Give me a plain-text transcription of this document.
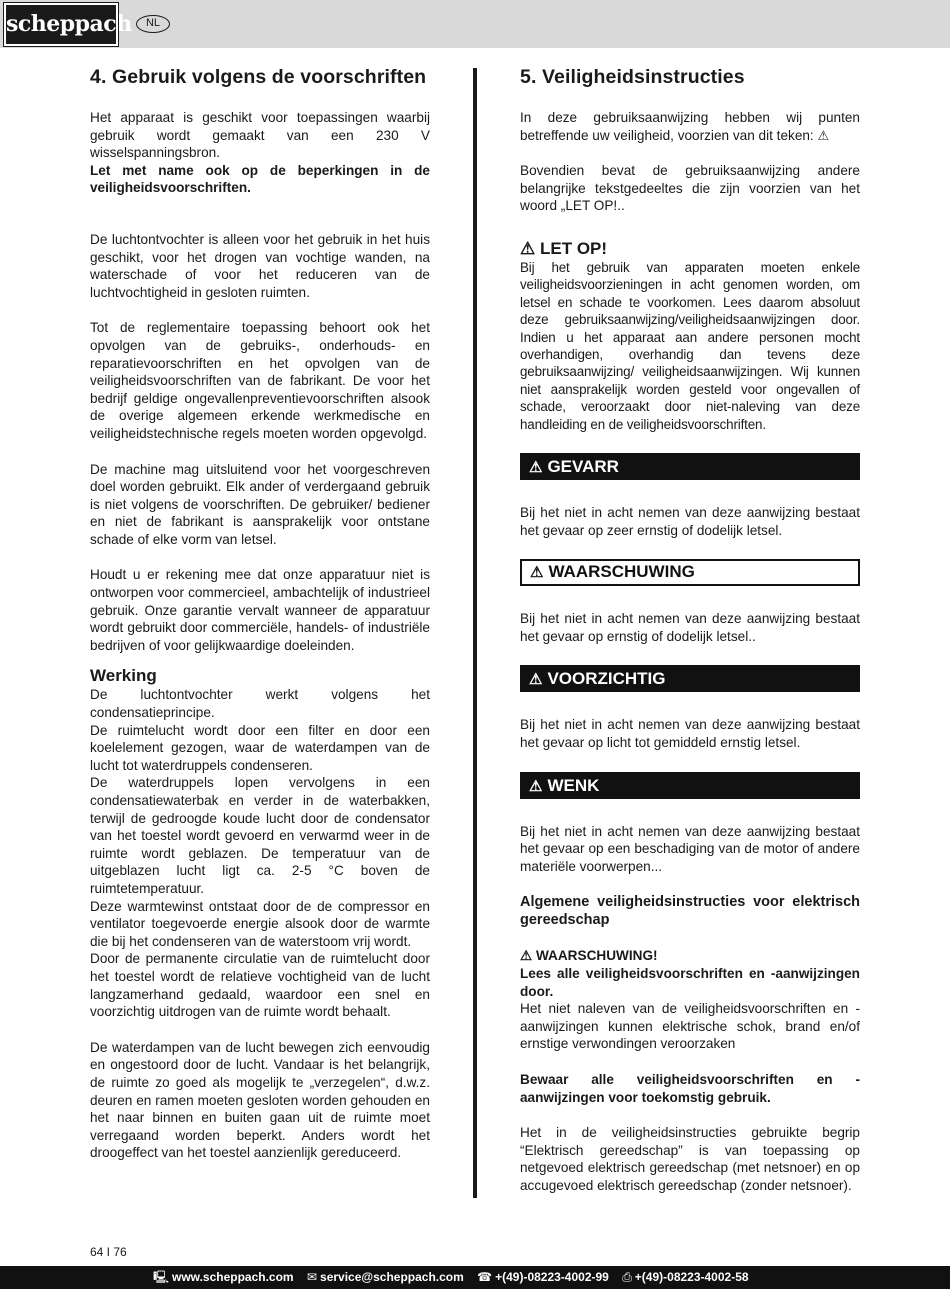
scheppach	NL
4. Gebruik volgens de voorschriften

Het apparaat is geschikt voor toepassingen waarbij gebruik wordt gemaakt van een 230 V wisselspanningsbron.

Let met name ook op de beperkingen in de veiligheidsvoorschriften.

De luchtontvochter is alleen voor het gebruik in het huis geschikt, voor het drogen van vochtige wanden, na waterschade of voor het reduceren van de luchtvochtigheid in gesloten ruimten.

Tot de reglementaire toepassing behoort ook het opvolgen van de gebruiks-, onderhouds- en reparatievoorschriften en het opvolgen van de veiligheidsvoorschriften van de fabrikant. De voor het bedrijf geldige ongevallenpreventievoorschriften alsook de overige algemeen erkende werkmedische en veiligheidstechnische regels moeten worden opgevolgd.

De machine mag uitsluitend voor het voorgeschreven doel worden gebruikt. Elk ander of verdergaand gebruik is niet volgens de voorschriften. De gebruiker/ bediener en niet de fabrikant is aansprakelijk voor ontstane schade of elke vorm van letsel.

Houdt u er rekening mee dat onze apparatuur niet is ontworpen voor commercieel, ambachtelijk of industrieel gebruik. Onze garantie vervalt wanneer de apparatuur wordt gebruikt door commerciële, handels- of industriële bedrijven of voor gelijkwaardige doeleinden.

Werking

De luchtontvochter werkt volgens het condensatieprincipe.

De ruimtelucht wordt door een filter en door een koelelement gezogen, waar de waterdampen van de lucht tot waterdruppels condenseren.

De waterdruppels lopen vervolgens in een condensatiewaterbak en verder in de waterbakken, terwijl de gedroogde koude lucht door de condensator van het toestel wordt gevoerd en verwarmd weer in de ruimte wordt geblazen. De temperatuur van de uitgeblazen lucht ligt ca. 2-5 °C boven de ruimtetemperatuur.

Deze warmtewinst ontstaat door de de compressor en ventilator toegevoerde energie alsook door de warmte die bij het condenseren van de waterstoom vrij wordt.

Door de permanente circulatie van de ruimtelucht door het toestel wordt de relatieve vochtigheid van de lucht langzamerhand gedaald, waardoor een snel en voorzichtig uitdrogen van de ruimte wordt behaalt.

De waterdampen van de lucht bewegen zich eenvoudig en ongestoord door de lucht. Vandaar is het belangrijk, de ruimte zo goed als mogelijk te „verzegelen“, d.w.z. deuren en ramen moeten gesloten worden gehouden en het naar binnen en buiten gaan uit de ruimte moet verregaand worden beperkt. Anders wordt het droogeffect van het toestel aanzienlijk gereduceerd.

5. Veiligheidsinstructies

In deze gebruiksaanwijzing hebben wij punten betreffende uw veiligheid, voorzien van dit teken: ⚠

Bovendien bevat de gebruiksaanwijzing andere belangrijke tekstgedeeltes die zijn voorzien van het woord „LET OP!..

⚠ LET OP!

Bij het gebruik van apparaten moeten enkele veiligheidsvoorzieningen in acht genomen worden, om letsel en schade te voorkomen. Lees daarom absoluut deze gebruiksaanwijzing/veiligheidsaanwijzingen door. Indien u het apparaat aan andere personen mocht overhandigen, overhandig dan tevens deze gebruiksaanwijzing/ veiligheidsaanwijzingen. Wij kunnen niet aansprakelijk worden gesteld voor ongevallen of schade, veroorzaakt door niet-naleving van deze handleiding en de veiligheidsvoorschriften.

⚠ GEVARR

Bij het niet in acht nemen van deze aanwijzing bestaat het gevaar op zeer ernstig of dodelijk letsel.

⚠ WAARSCHUWING

Bij het niet in acht nemen van deze aanwijzing bestaat het gevaar op ernstig of dodelijk letsel..

⚠ VOORZICHTIG

Bij het niet in acht nemen van deze aanwijzing bestaat het gevaar op licht tot gemiddeld ernstig letsel.

⚠ WENK

Bij het niet in acht nemen van deze aanwijzing bestaat het gevaar op een beschadiging van de motor of andere materiële voorwerpen...

Algemene veiligheidsinstructies voor elektrisch gereedschap

⚠ WAARSCHUWING!

Lees alle veiligheidsvoorschriften en -aanwijzingen door.

Het niet naleven van de veiligheidsvoorschriften en -aanwijzingen kunnen elektrische schok, brand en/of ernstige verwondingen veroorzaken

Bewaar alle veiligheidsvoorschriften en -aanwijzingen voor toekomstig gebruik.

Het in de veiligheidsinstructies gebruikte begrip “Elektrisch gereedschap” is van toepassing op netgevoed elektrisch gereedschap (met netsnoer) en op accugevoed elektrisch gereedschap (zonder netsnoer).

64 I 76
🖳 www.scheppach.com ✉ service@scheppach.com ☎ +(49)-08223-4002-99 ⎙ +(49)-08223-4002-58
